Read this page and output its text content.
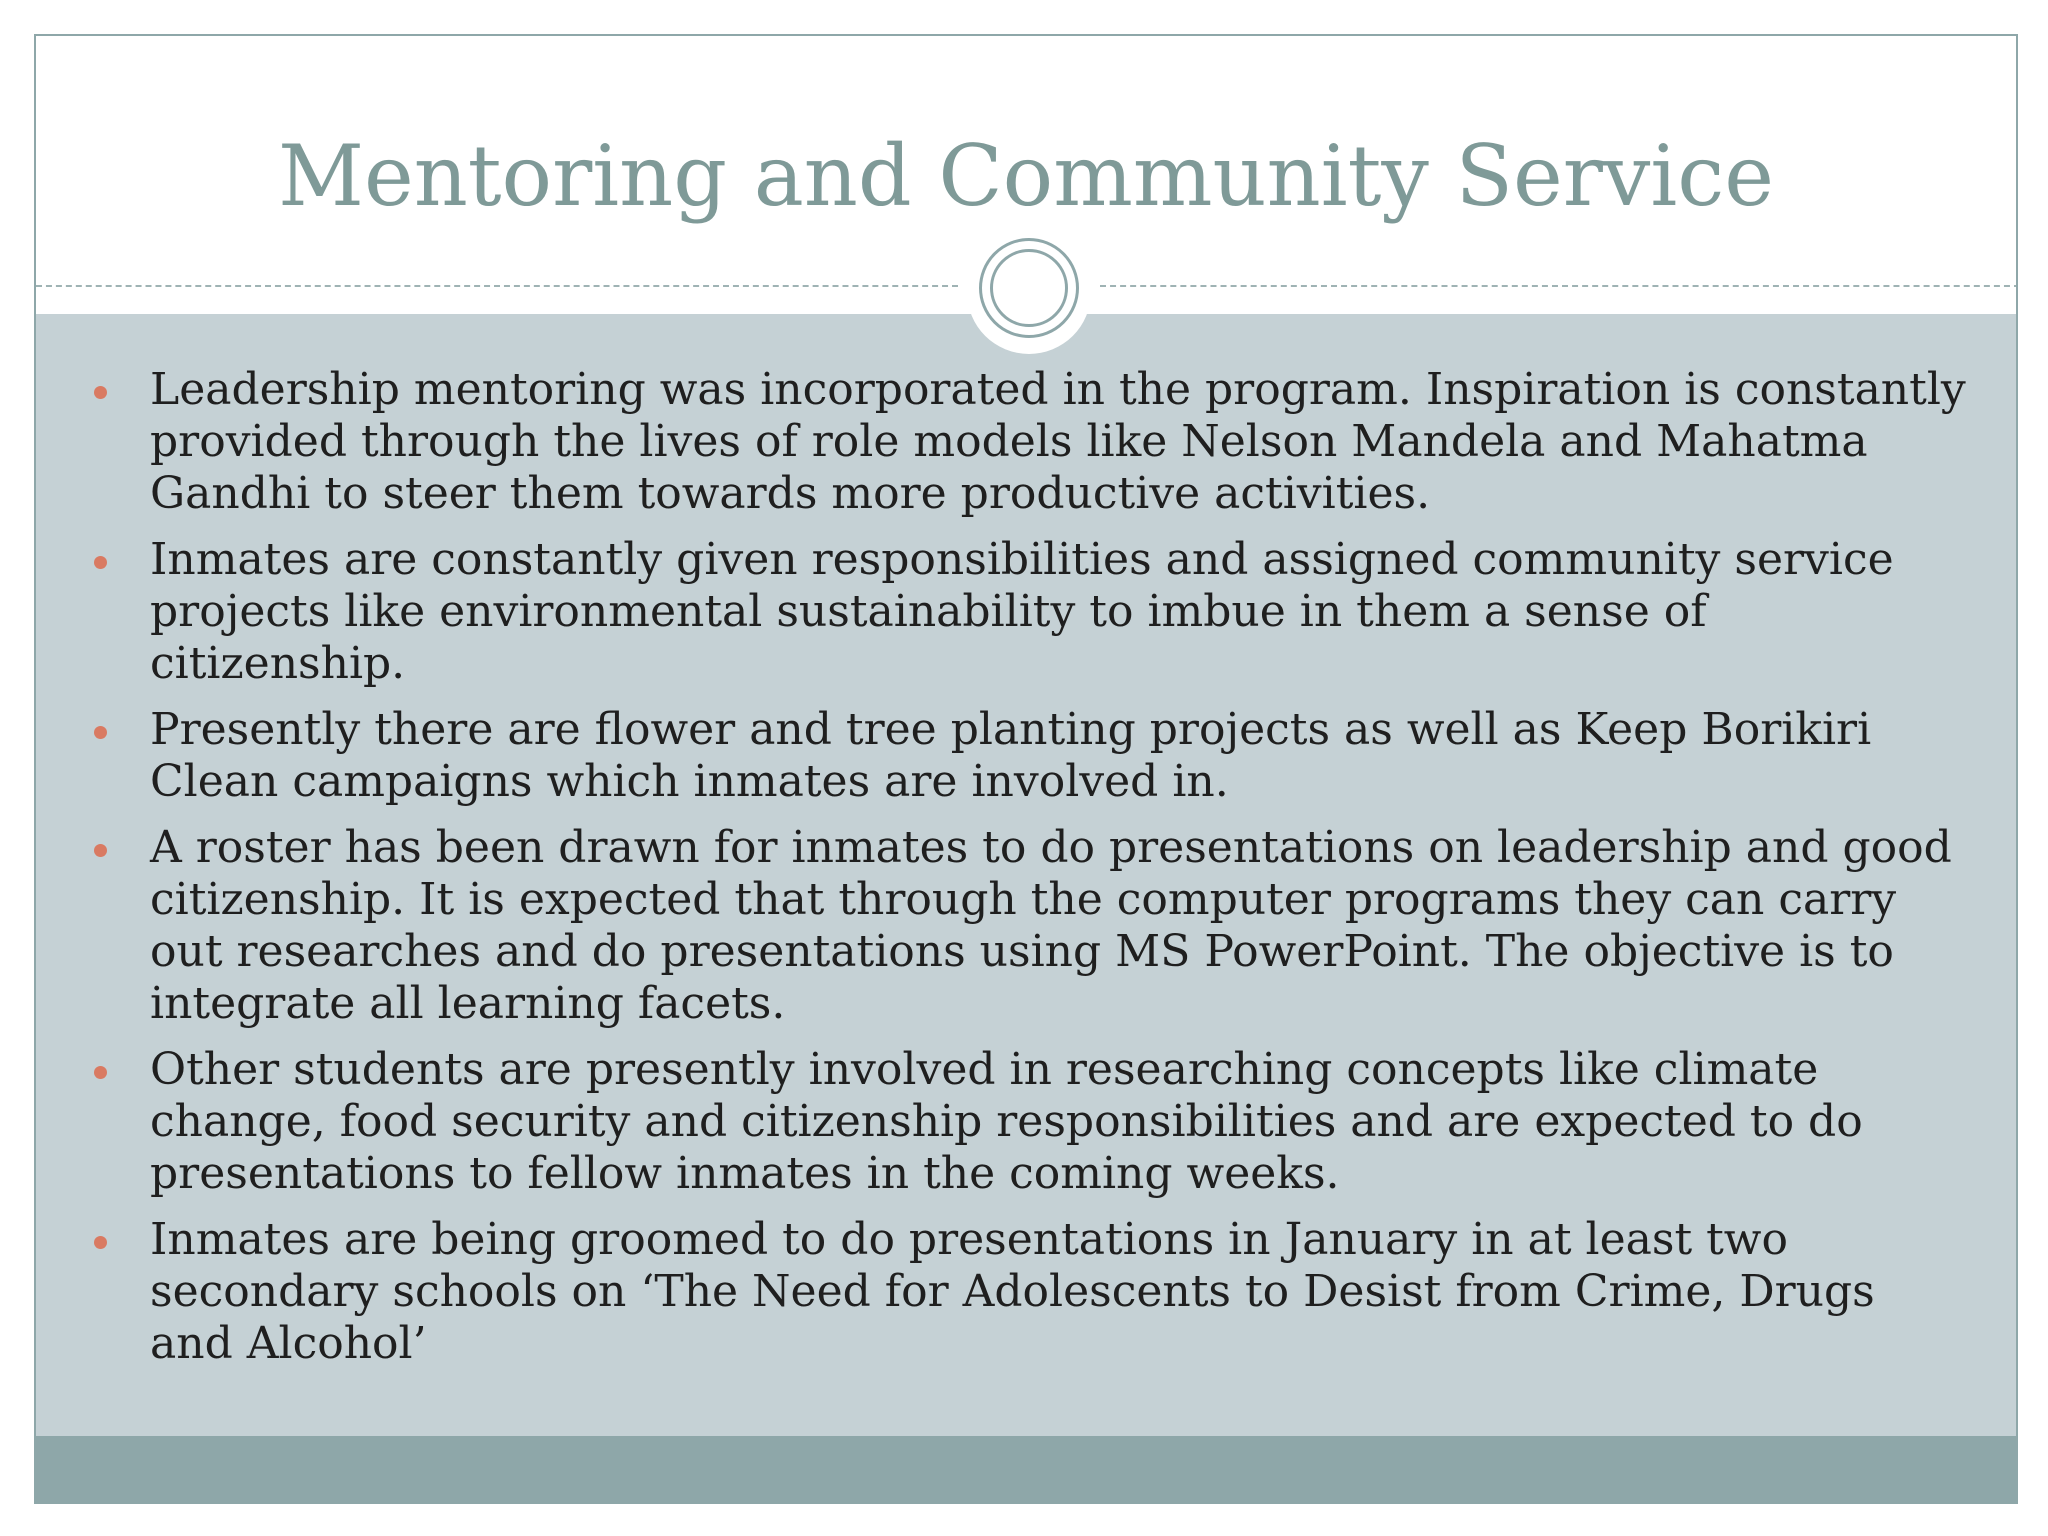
Mentoring and Community Service
Leadership mentoring was incorporated in the program. Inspiration is constantly provided through the lives of role models like Nelson Mandela and Mahatma Gandhi to steer them towards more productive activities.
Inmates are constantly given responsibilities and assigned community service projects like environmental sustainability to imbue in them a sense of citizenship.
Presently there are flower and tree planting projects as well as Keep Borikiri Clean campaigns which inmates are involved in.
A roster has been drawn for inmates to do presentations on leadership and good citizenship. It is expected that through the computer programs they can carry out researches and do presentations using MS PowerPoint. The objective is to integrate all learning facets.
Other students are presently involved in researching concepts like climate change, food security and citizenship responsibilities and are expected to do presentations to fellow inmates in the coming weeks.
Inmates are being groomed to do presentations in January in at least two secondary schools on ‘The Need for Adolescents to Desist from Crime, Drugs and Alcohol’
